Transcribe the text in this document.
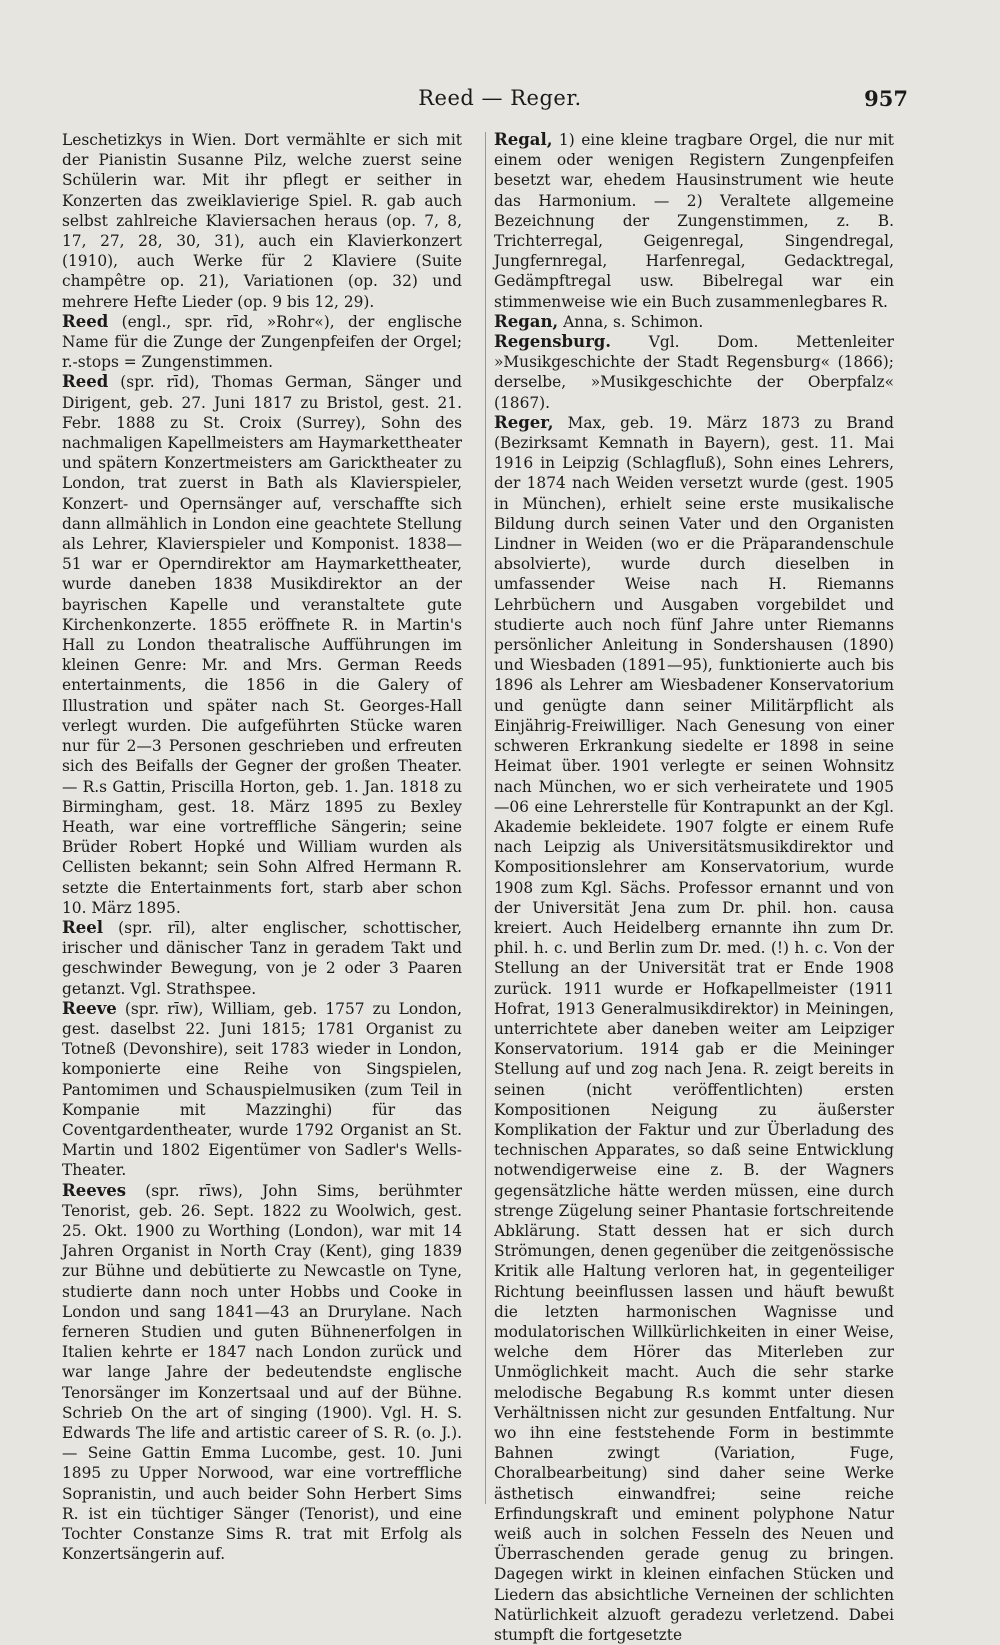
Reed — Reger.	957

Leschetizkys in Wien. Dort vermählte er sich mit der Pianistin Susanne Pilz, welche zuerst seine Schülerin war. Mit ihr pflegt er seither in Konzerten das zweiklavierige Spiel. R. gab auch selbst zahlreiche Klaviersachen heraus (op. 7, 8, 17, 27, 28, 30, 31), auch ein Klavierkonzert (1910), auch Werke für 2 Klaviere (Suite champêtre op. 21), Variationen (op. 32) und mehrere Hefte Lieder (op. 9 bis 12, 29).

Reed (engl., spr. rīd, »Rohr«), der englische Name für die Zunge der Zungenpfeifen der Orgel; r.-stops = Zungenstimmen.

Reed (spr. rīd), Thomas German, Sänger und Dirigent, geb. 27. Juni 1817 zu Bristol, gest. 21. Febr. 1888 zu St. Croix (Surrey), Sohn des nachmaligen Kapellmeisters am Haymarkettheater und spätern Konzertmeisters am Garicktheater zu London, trat zuerst in Bath als Klavierspieler, Konzert- und Opernsänger auf, verschaffte sich dann allmählich in London eine geachtete Stellung als Lehrer, Klavierspieler und Komponist. 1838—51 war er Operndirektor am Haymarkettheater, wurde daneben 1838 Musikdirektor an der bayrischen Kapelle und veranstaltete gute Kirchenkonzerte. 1855 eröffnete R. in Martin's Hall zu London theatralische Aufführungen im kleinen Genre: Mr. and Mrs. German Reeds entertainments, die 1856 in die Galery of Illustration und später nach St. Georges-Hall verlegt wurden. Die aufgeführten Stücke waren nur für 2—3 Personen geschrieben und erfreuten sich des Beifalls der Gegner der großen Theater. — R.s Gattin, Priscilla Horton, geb. 1. Jan. 1818 zu Birmingham, gest. 18. März 1895 zu Bexley Heath, war eine vortreffliche Sängerin; seine Brüder Robert Hopké und William wurden als Cellisten bekannt; sein Sohn Alfred Hermann R. setzte die Entertainments fort, starb aber schon 10. März 1895.

Reel (spr. rīl), alter englischer, schottischer, irischer und dänischer Tanz in geradem Takt und geschwinder Bewegung, von je 2 oder 3 Paaren getanzt. Vgl. Strathspee.

Reeve (spr. rīw), William, geb. 1757 zu London, gest. daselbst 22. Juni 1815; 1781 Organist zu Totneß (Devonshire), seit 1783 wieder in London, komponierte eine Reihe von Singspielen, Pantomimen und Schauspielmusiken (zum Teil in Kompanie mit Mazzinghi) für das Coventgardentheater, wurde 1792 Organist an St. Martin und 1802 Eigentümer von Sadler's Wells-Theater.

Reeves (spr. rīws), John Sims, berühmter Tenorist, geb. 26. Sept. 1822 zu Woolwich, gest. 25. Okt. 1900 zu Worthing (London), war mit 14 Jahren Organist in North Cray (Kent), ging 1839 zur Bühne und debütierte zu Newcastle on Tyne, studierte dann noch unter Hobbs und Cooke in London und sang 1841—43 an Drurylane. Nach ferneren Studien und guten Bühnenerfolgen in Italien kehrte er 1847 nach London zurück und war lange Jahre der bedeutendste englische Tenorsänger im Konzertsaal und auf der Bühne. Schrieb On the art of singing (1900). Vgl. H. S. Edwards The life and artistic career of S. R. (o. J.). — Seine Gattin Emma Lucombe, gest. 10. Juni 1895 zu Upper Norwood, war eine vortreffliche Sopranistin, und auch beider Sohn Herbert Sims R. ist ein tüchtiger Sänger (Tenorist), und eine Tochter Constanze Sims R. trat mit Erfolg als Konzertsängerin auf.

Regal, 1) eine kleine tragbare Orgel, die nur mit einem oder wenigen Registern Zungenpfeifen besetzt war, ehedem Hausinstrument wie heute das Harmonium. — 2) Veraltete allgemeine Bezeichnung der Zungenstimmen, z. B. Trichterregal, Geigenregal, Singendregal, Jungfernregal, Harfenregal, Gedacktregal, Gedämpftregal usw. Bibelregal war ein stimmenweise wie ein Buch zusammenlegbares R.

Regan, Anna, s. Schimon.

Regensburg. Vgl. Dom. Mettenleiter »Musikgeschichte der Stadt Regensburg« (1866); derselbe, »Musikgeschichte der Oberpfalz« (1867).

Reger, Max, geb. 19. März 1873 zu Brand (Bezirksamt Kemnath in Bayern), gest. 11. Mai 1916 in Leipzig (Schlagfluß), Sohn eines Lehrers, der 1874 nach Weiden versetzt wurde (gest. 1905 in München), erhielt seine erste musikalische Bildung durch seinen Vater und den Organisten Lindner in Weiden (wo er die Präparandenschule absolvierte), wurde durch dieselben in umfassender Weise nach H. Riemanns Lehrbüchern und Ausgaben vorgebildet und studierte auch noch fünf Jahre unter Riemanns persönlicher Anleitung in Sondershausen (1890) und Wiesbaden (1891—95), funktionierte auch bis 1896 als Lehrer am Wiesbadener Konservatorium und genügte dann seiner Militärpflicht als Einjährig-Freiwilliger. Nach Genesung von einer schweren Erkrankung siedelte er 1898 in seine Heimat über. 1901 verlegte er seinen Wohnsitz nach München, wo er sich verheiratete und 1905—06 eine Lehrerstelle für Kontrapunkt an der Kgl. Akademie bekleidete. 1907 folgte er einem Rufe nach Leipzig als Universitätsmusikdirektor und Kompositionslehrer am Konservatorium, wurde 1908 zum Kgl. Sächs. Professor ernannt und von der Universität Jena zum Dr. phil. hon. causa kreiert. Auch Heidelberg ernannte ihn zum Dr. phil. h. c. und Berlin zum Dr. med. (!) h. c. Von der Stellung an der Universität trat er Ende 1908 zurück. 1911 wurde er Hofkapellmeister (1911 Hofrat, 1913 Generalmusikdirektor) in Meiningen, unterrichtete aber daneben weiter am Leipziger Konservatorium. 1914 gab er die Meininger Stellung auf und zog nach Jena. R. zeigt bereits in seinen (nicht veröffentlichten) ersten Kompositionen Neigung zu äußerster Komplikation der Faktur und zur Überladung des technischen Apparates, so daß seine Entwicklung notwendigerweise eine z. B. der Wagners gegensätzliche hätte werden müssen, eine durch strenge Zügelung seiner Phantasie fortschreitende Abklärung. Statt dessen hat er sich durch Strömungen, denen gegenüber die zeitgenössische Kritik alle Haltung verloren hat, in gegenteiliger Richtung beeinflussen lassen und häuft bewußt die letzten harmonischen Wagnisse und modulatorischen Willkürlichkeiten in einer Weise, welche dem Hörer das Miterleben zur Unmöglichkeit macht. Auch die sehr starke melodische Begabung R.s kommt unter diesen Verhältnissen nicht zur gesunden Entfaltung. Nur wo ihn eine feststehende Form in bestimmte Bahnen zwingt (Variation, Fuge, Choralbearbeitung) sind daher seine Werke ästhetisch einwandfrei; seine reiche Erfindungskraft und eminent polyphone Natur weiß auch in solchen Fesseln des Neuen und Überraschenden gerade genug zu bringen. Dagegen wirkt in kleinen einfachen Stücken und Liedern das absichtliche Verneinen der schlichten Natürlichkeit alzuoft geradezu verletzend. Dabei stumpft die fortgesetzte
